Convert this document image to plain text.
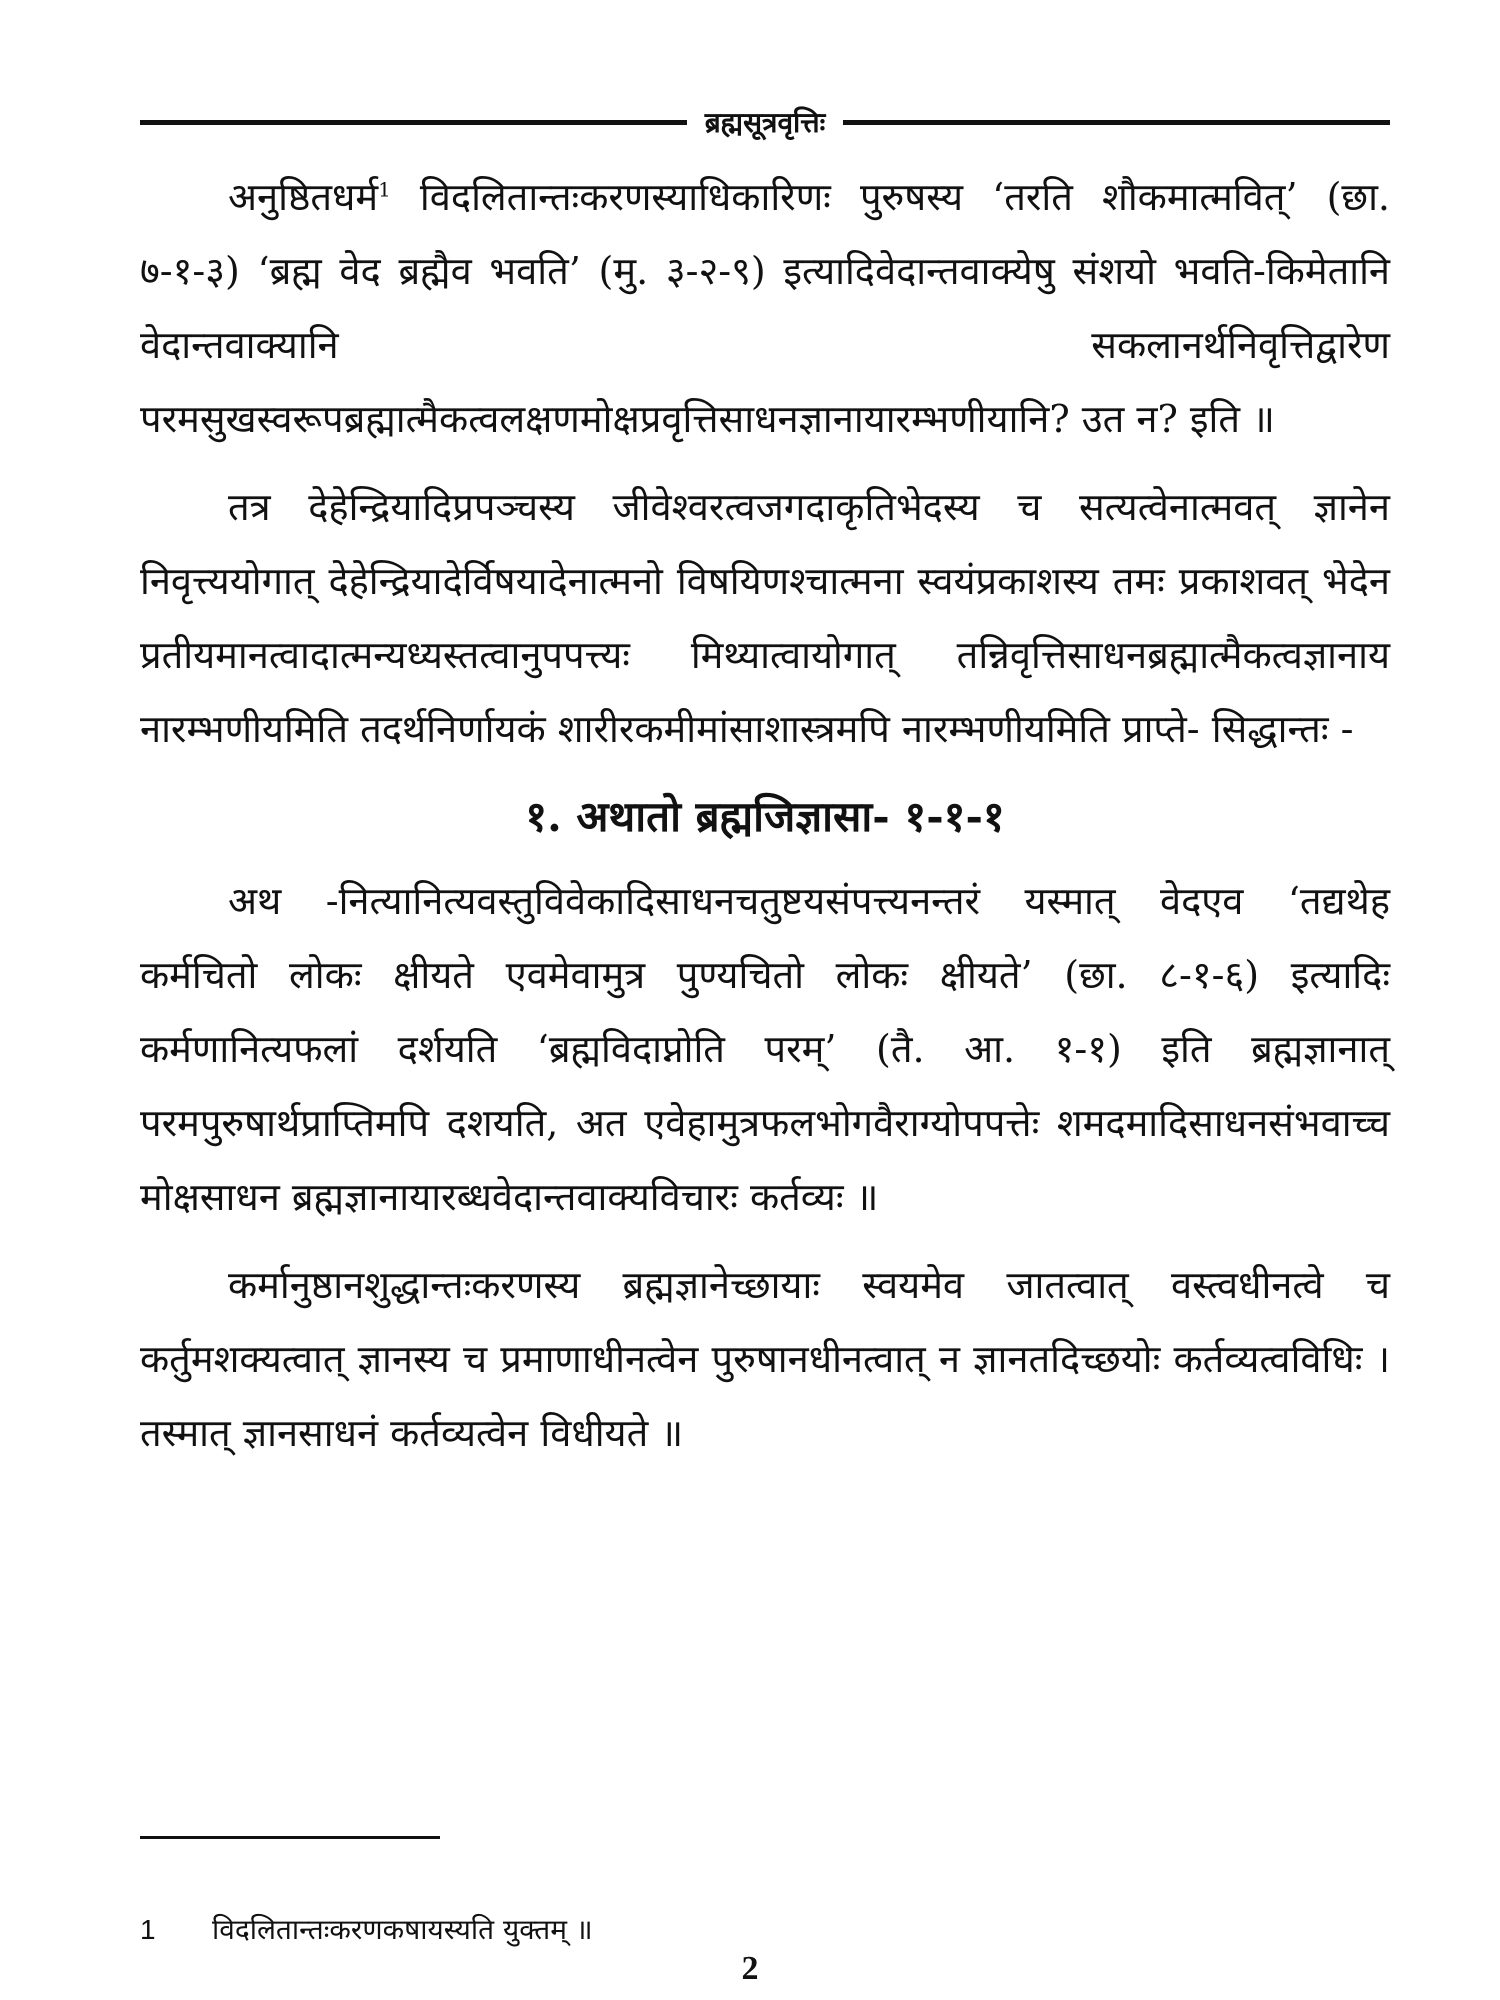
ब्रह्मसूत्रवृत्तिः

अनुष्ठितधर्म$^1$ विदलितान्तःकरणस्याधिकारिणः पुरुषस्य ‘तरति शौकमात्मवित्’ (छा. ७-१-३) ‘ब्रह्म वेद ब्रह्मैव भवति’ (मु. ३-२-९) इत्यादिवेदान्तवाक्येषु संशयो भवति-किमेतानि वेदान्तवाक्यानि सकलानर्थनिवृत्तिद्वारेण परमसुखस्वरूपब्रह्मात्मैकत्वलक्षणमोक्षप्रवृत्तिसाधनज्ञानायारम्भणीयानि? उत न? इति ॥

तत्र देहेन्द्रियादिप्रपञ्चस्य जीवेश्वरत्वजगदाकृतिभेदस्य च सत्यत्वेनात्मवत् ज्ञानेन निवृत्त्ययोगात् देहेन्द्रियादेर्विषयादेनात्मनो विषयिणश्चात्मना स्वयंप्रकाशस्य तमः प्रकाशवत् भेदेन प्रतीयमानत्वादात्मन्यध्यस्तत्वानुपपत्त्यः मिथ्यात्वायोगात् तन्निवृत्तिसाधनब्रह्मात्मैकत्वज्ञानाय नारम्भणीयमिति तदर्थनिर्णायकं शारीरकमीमांसाशास्त्रमपि नारम्भणीयमिति प्राप्ते- सिद्धान्तः -

१. अथातो ब्रह्मजिज्ञासा- १-१-१

अथ -नित्यानित्यवस्तुविवेकादिसाधनचतुष्टयसंपत्त्यनन्तरं यस्मात् वेदएव ‘तद्यथेह कर्मचितो लोकः क्षीयते एवमेवामुत्र पुण्यचितो लोकः क्षीयते’ (छा. ८-१-६) इत्यादिः कर्मणानित्यफलां दर्शयति ‘ब्रह्मविदाप्नोति परम्’ (तै. आ. १-१) इति ब्रह्मज्ञानात् परमपुरुषार्थप्राप्तिमपि दशयति, अत एवेहामुत्रफलभोगवैराग्योपपत्तेः शमदमादिसाधनसंभवाच्च मोक्षसाधन ब्रह्मज्ञानायारब्धवेदान्तवाक्यविचारः कर्तव्यः ॥

कर्मानुष्ठानशुद्धान्तःकरणस्य ब्रह्मज्ञानेच्छायाः स्वयमेव जातत्वात् वस्त्वधीनत्वे च कर्तुमशक्यत्वात् ज्ञानस्य च प्रमाणाधीनत्वेन पुरुषानधीनत्वात् न ज्ञानतदिच्छयोः कर्तव्यत्वविधिः । तस्मात् ज्ञानसाधनं कर्तव्यत्वेन विधीयते ॥

1 विदलितान्तःकरणकषायस्यति युक्तम् ॥
2
